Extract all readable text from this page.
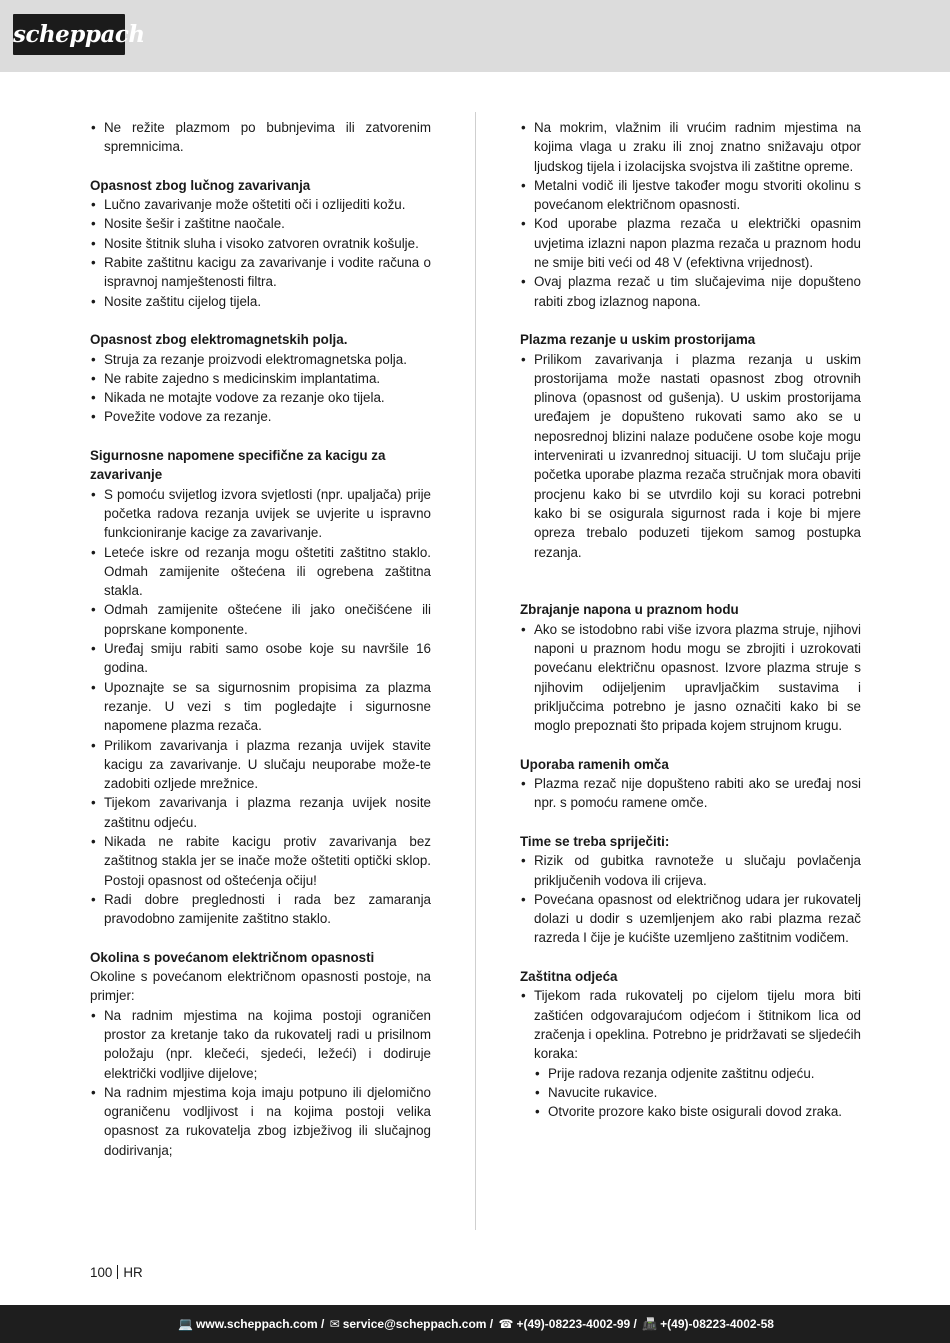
scheppach
• Ne režite plazmom po bubnjevima ili zatvorenim spremnicima.
Opasnost zbog lučnog zavarivanja
• Lučno zavarivanje može oštetiti oči i ozlijediti kožu.
• Nosite šešir i zaštitne naočale.
• Nosite štitnik sluha i visoko zatvoren ovratnik košulje.
• Rabite zaštitnu kacigu za zavarivanje i vodite računa o ispravnoj namještenosti filtra.
• Nosite zaštitu cijelog tijela.
Opasnost zbog elektromagnetskih polja.
• Struja za rezanje proizvodi elektromagnetska polja.
• Ne rabite zajedno s medicinskim implantatima.
• Nikada ne motajte vodove za rezanje oko tijela.
• Povežite vodove za rezanje.
Sigurnosne napomene specifične za kacigu za zavarivanje
• S pomoću svijetlog izvora svjetlosti (npr. upaljača) prije početka radova rezanja uvijek se uvjerite u ispravno funkcioniranje kacige za zavarivanje.
• Leteće iskre od rezanja mogu oštetiti zaštitno staklo. Odmah zamijenite oštećena ili ogrebena zaštitna stakla.
• Odmah zamijenite oštećene ili jako onečišćene ili poprskane komponente.
• Uređaj smiju rabiti samo osobe koje su navršile 16 godina.
• Upoznajte se sa sigurnosnim propisima za plazma rezanje. U vezi s tim pogledajte i sigurnosne napomene plazma rezača.
• Prilikom zavarivanja i plazma rezanja uvijek stavite kacigu za zavarivanje. U slučaju neuporabe može-te zadobiti ozljede mrežnice.
• Tijekom zavarivanja i plazma rezanja uvijek nosite zaštitnu odjeću.
• Nikada ne rabite kacigu protiv zavarivanja bez zaštitnog stakla jer se inače može oštetiti optički sklop. Postoji opasnost od oštećenja očiju!
• Radi dobre preglednosti i rada bez zamaranja pravodobno zamijenite zaštitno staklo.
Okolina s povećanom električnom opasnosti

Okoline s povećanom električnom opasnosti postoje, na primjer:

• Na radnim mjestima na kojima postoji ograničen prostor za kretanje tako da rukovatelj radi u prisilnom položaju (npr. klečeći, sjedeći, ležeći) i dodiruje električki vodljive dijelove;
• Na radnim mjestima koja imaju potpuno ili djelomično ograničenu vodljivost i na kojima postoji velika opasnost za rukovatelja zbog izbježivog ili slučajnog dodirivanja;
• Na mokrim, vlažnim ili vrućim radnim mjestima na kojima vlaga u zraku ili znoj znatno snižavaju otpor ljudskog tijela i izolacijska svojstva ili zaštitne opreme.
• Metalni vodič ili ljestve također mogu stvoriti okolinu s povećanom električnom opasnosti.
• Kod uporabe plazma rezača u električki opasnim uvjetima izlazni napon plazma rezača u praznom hodu ne smije biti veći od 48 V (efektivna vrijednost).
• Ovaj plazma rezač u tim slučajevima nije dopušteno rabiti zbog izlaznog napona.
Plazma rezanje u uskim prostorijama
• Prilikom zavarivanja i plazma rezanja u uskim prostorijama može nastati opasnost zbog otrovnih plinova (opasnost od gušenja). U uskim prostorijama uređajem je dopušteno rukovati samo ako se u neposrednoj blizini nalaze podučene osobe koje mogu intervenirati u izvanrednoj situaciji. U tom slučaju prije početka uporabe plazma rezača stručnjak mora obaviti procjenu kako bi se utvrdilo koji su koraci potrebni kako bi se osigurala sigurnost rada i koje bi mjere opreza trebalo poduzeti tijekom samog postupka rezanja.
Zbrajanje napona u praznom hodu
• Ako se istodobno rabi više izvora plazma struje, njihovi naponi u praznom hodu mogu se zbrojiti i uzrokovati povećanu električnu opasnost. Izvore plazma struje s njihovim odijeljenim upravljačkim sustavima i priključcima potrebno je jasno označiti kako bi se moglo prepoznati što pripada kojem strujnom krugu.
Uporaba ramenih omča
• Plazma rezač nije dopušteno rabiti ako se uređaj nosi npr. s pomoću ramene omče.
Time se treba spriječiti:
• Rizik od gubitka ravnoteže u slučaju povlačenja priključenih vodova ili crijeva.
• Povećana opasnost od električnog udara jer rukovatelj dolazi u dodir s uzemljenjem ako rabi plazma rezač razreda I čije je kućište uzemljeno zaštitnim vodičem.
Zaštitna odjeća
• Tijekom rada rukovatelj po cijelom tijelu mora biti zaštićen odgovarajućom odjećom i štitnikom lica od zračenja i opeklina. Potrebno je pridržavati se sljedećih koraka:
• Prije radova rezanja odjenite zaštitnu odjeću.
• Navucite rukavice.
• Otvorite prozore kako biste osigurali dovod zraka.
100 HR
💻 www.scheppach.com / ✉ service@scheppach.com / ☎ +(49)-08223-4002-99 / 📠 +(49)-08223-4002-58
